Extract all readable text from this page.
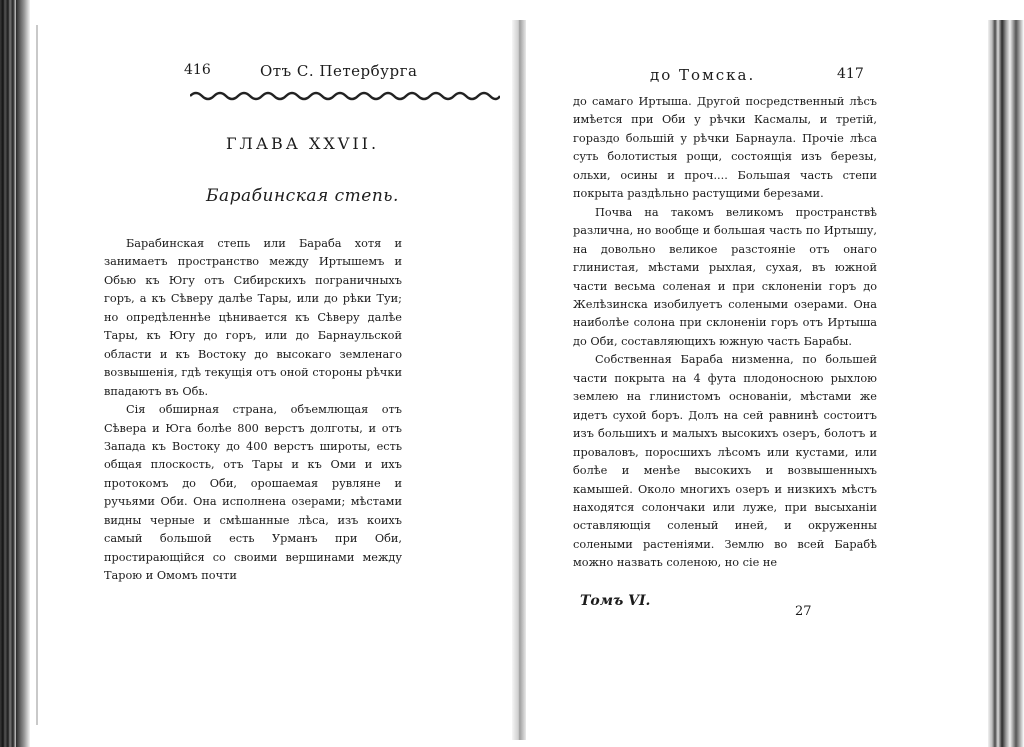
416	Отъ С. Петербурга
ГЛАВА XXVII.
Барабинская степь.

Барабинская степь или Бараба хотя и занимаетъ пространство между Иртышемъ и Обью къ Югу отъ Сибирскихъ пограничныхъ горъ, а къ Сѣверу далѣе Тары, или до рѣки Туи; но опредѣленнѣе цѣнивается къ Сѣверу далѣе Тары, къ Югу до горъ, или до Барнаульской области и къ Востоку до высокаго земленаго возвышенія, гдѣ текущія отъ оной стороны рѣчки впадаютъ въ Обь.

Сія обширная страна, объемлющая отъ Сѣвера и Юга болѣе 800 верстъ долготы, и отъ Запада къ Востоку до 400 верстъ широты, есть общая плоскость, отъ Тары и къ Оми и ихъ протокомъ до Оби, орошаемая рувляне и ручьями Оби. Она исполнена озерами; мѣстами видны черные и смѣшанные лѣса, изъ коихъ самый большой есть Урманъ при Оби, простирающійся со своими вершинами между Тарою и Омомъ почти

до Томска.	417

до самаго Иртыша. Другой посредственный лѣсъ имѣется при Оби у рѣчки Касмалы, и третій, гораздо большій у рѣчки Барнаула. Прочіе лѣса суть болотистыя рощи, состоящія изъ березы, ольхи, осины и проч.... Большая часть степи покрыта раздѣльно растущими березами.

Почва на такомъ великомъ пространствѣ различна, но вообще и большая часть по Иртышу, на довольно великое разстояніе отъ онаго глинистая, мѣстами рыхлая, сухая, въ южной части весьма соленая и при склоненіи горъ до Желѣзинска изобилуетъ солеными озерами. Она наиболѣе солона при склоненіи горъ отъ Иртыша до Оби, составляющихъ южную часть Барабы.

Собственная Бараба низменна, по большей части покрыта на 4 фута плодоносною рыхлою землею на глинистомъ основаніи, мѣстами же идетъ сухой боръ. Долъ на сей равнинѣ состоитъ изъ большихъ и малыхъ высокихъ озеръ, болотъ и проваловъ, поросшихъ лѣсомъ или кустами, или болѣе и менѣе высокихъ и возвышенныхъ камышей. Около многихъ озеръ и низкихъ мѣстъ находятся солончаки или луже, при высыханіи оставляющія соленый иней, и окруженны солеными растеніями. Землю во всей Барабѣ можно назвать соленою, но сіе не

Томъ VI.
27
